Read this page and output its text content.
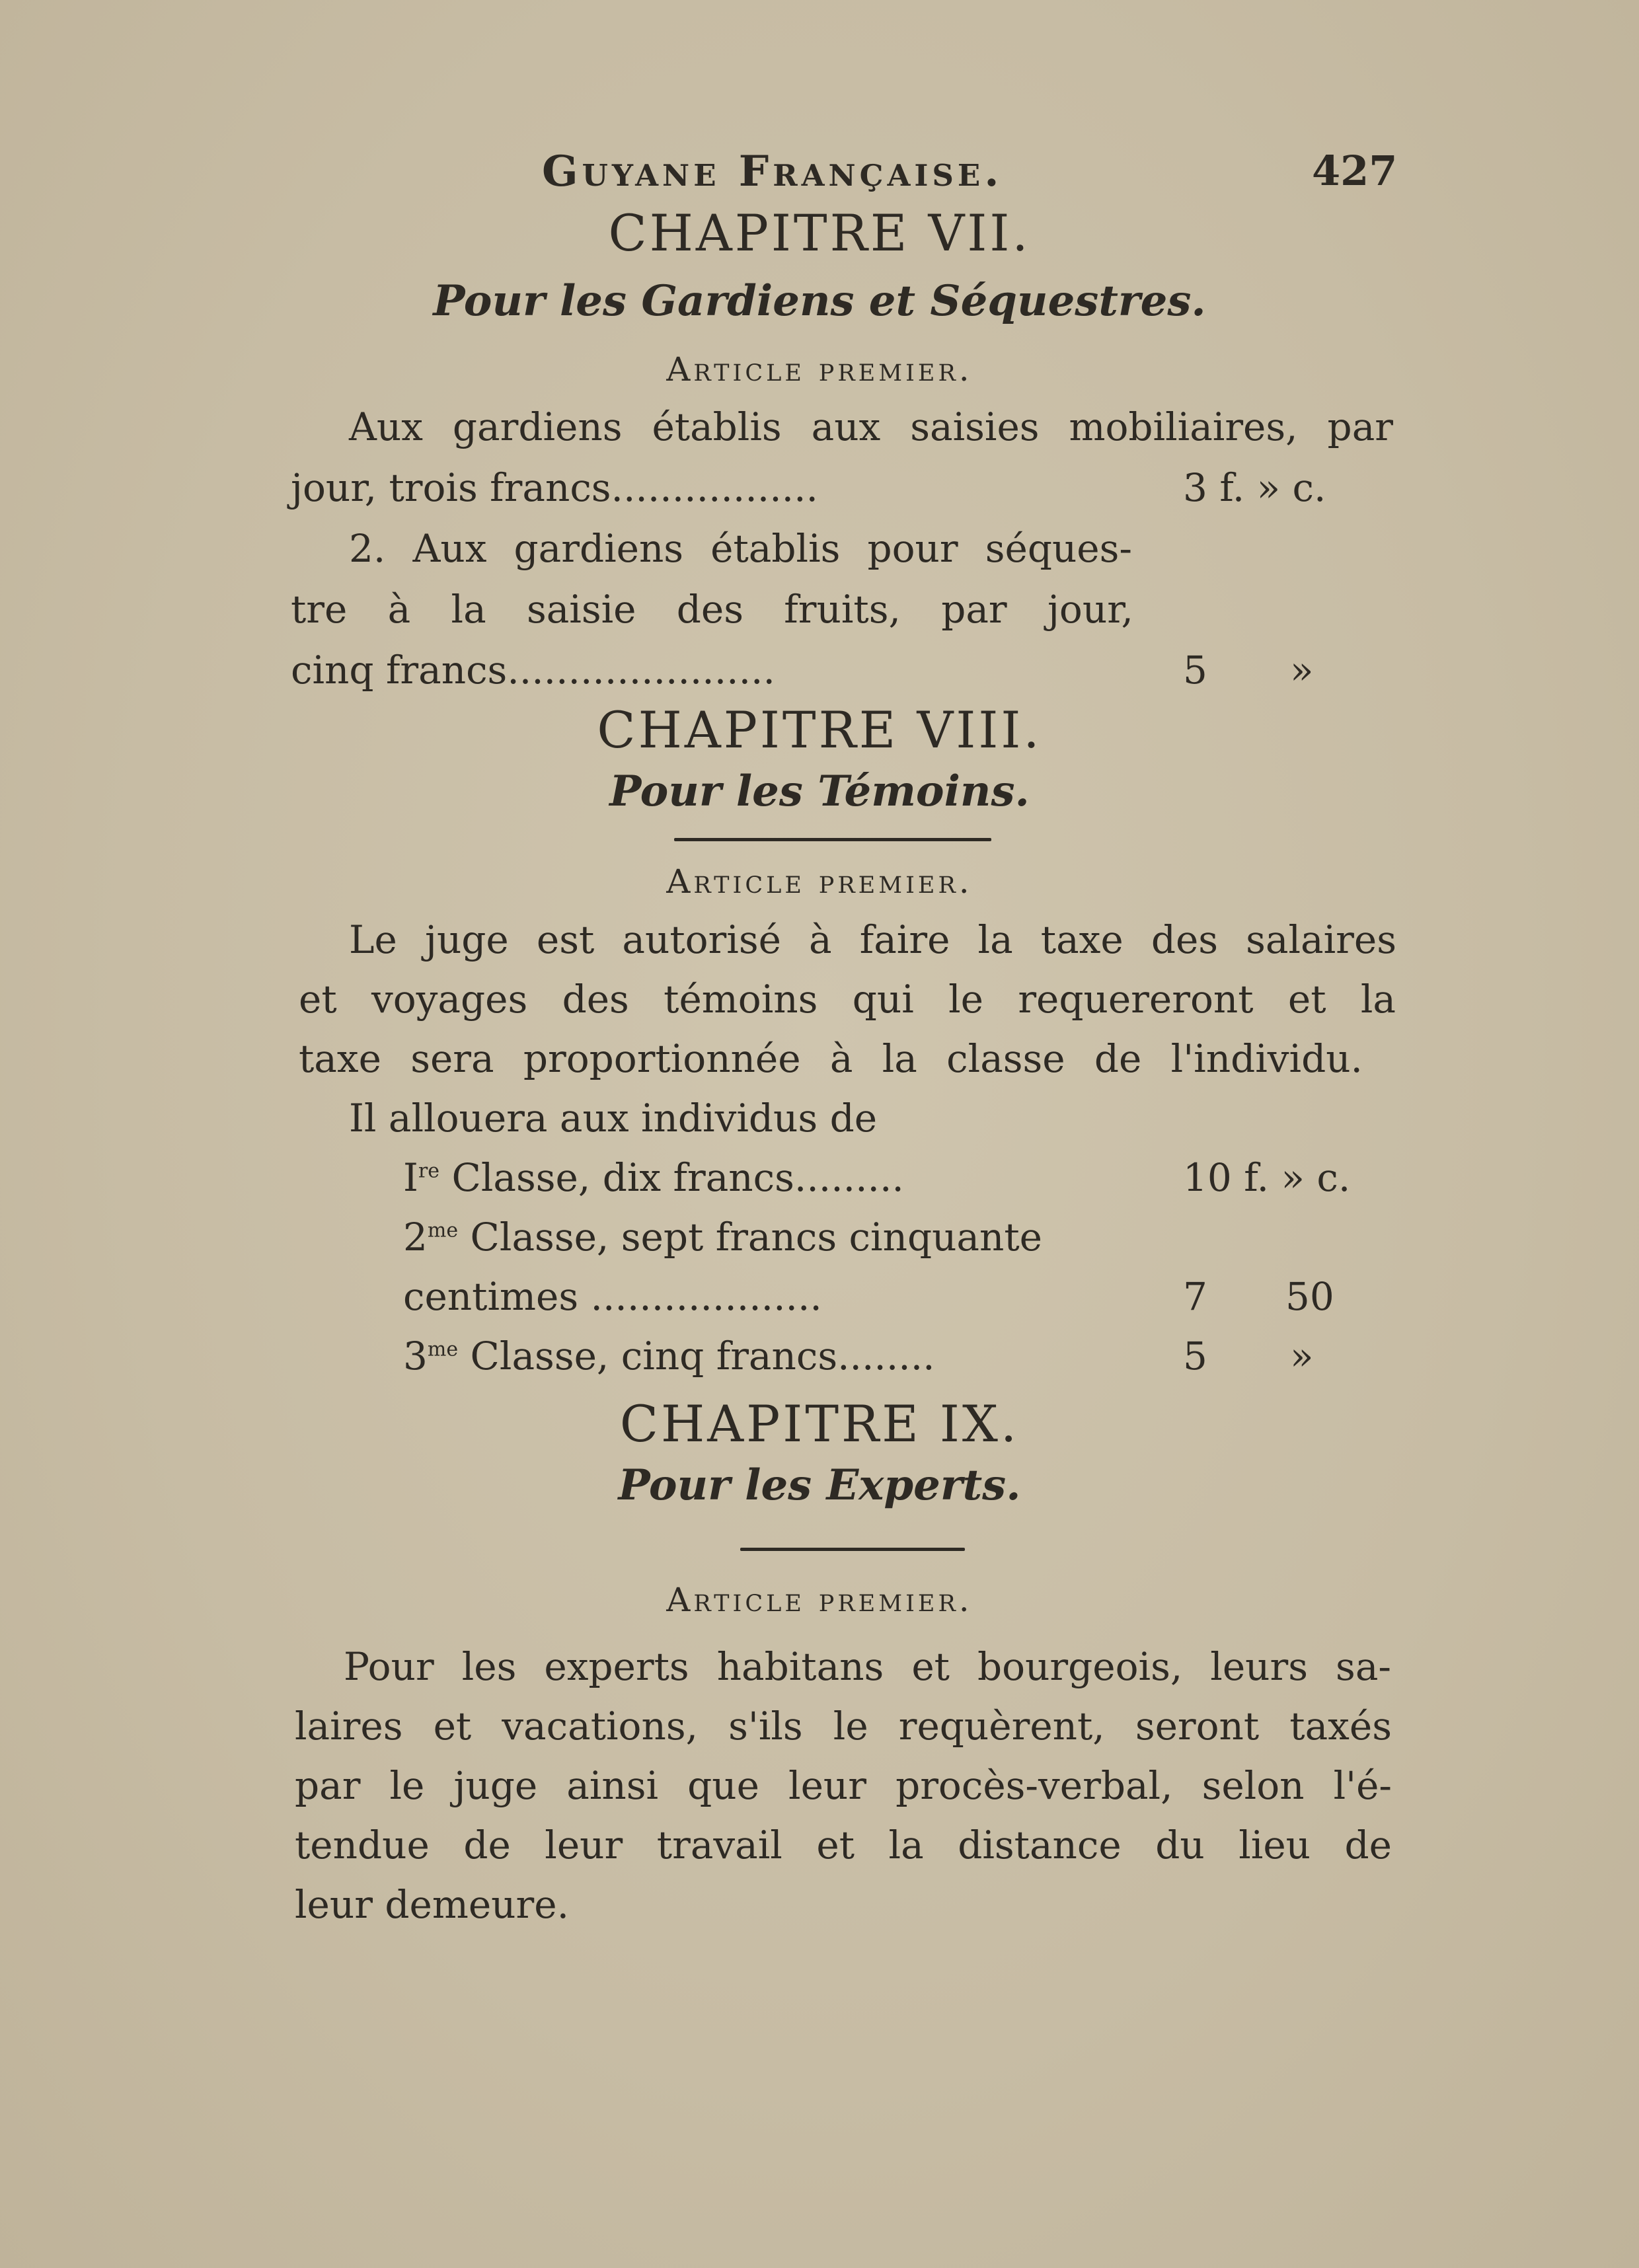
Guyane Française.	427
CHAPITRE VII.
Pour les Gardiens et Séquestres.
Article premier.
Aux gardiens établis aux saisies mobiliaires, par
jour, trois francs.................	3 f. » c.
2. Aux gardiens établis pour séques-
tre à la saisie des fruits, par jour,
cinq francs......................	5 »
CHAPITRE VIII.
Pour les Témoins.
Article premier.
Le juge est autorisé à faire la taxe des salaires
et voyages des témoins qui le requereront et la
taxe sera proportionnée à la classe de l'individu.
Il allouera aux individus de
Ire Classe, dix francs.........	10 f. » c.
$2^{me}$ Classe, sept francs cinquante
centimes ...................	7 50
$3^{me}$ Classe, cinq francs........	5 »
CHAPITRE IX.
Pour les Experts.
Article premier.
Pour les experts habitans et bourgeois, leurs sa-
laires et vacations, s'ils le requèrent, seront taxés
par le juge ainsi que leur procès-verbal, selon l'é-
tendue de leur travail et la distance du lieu de
leur demeure.
